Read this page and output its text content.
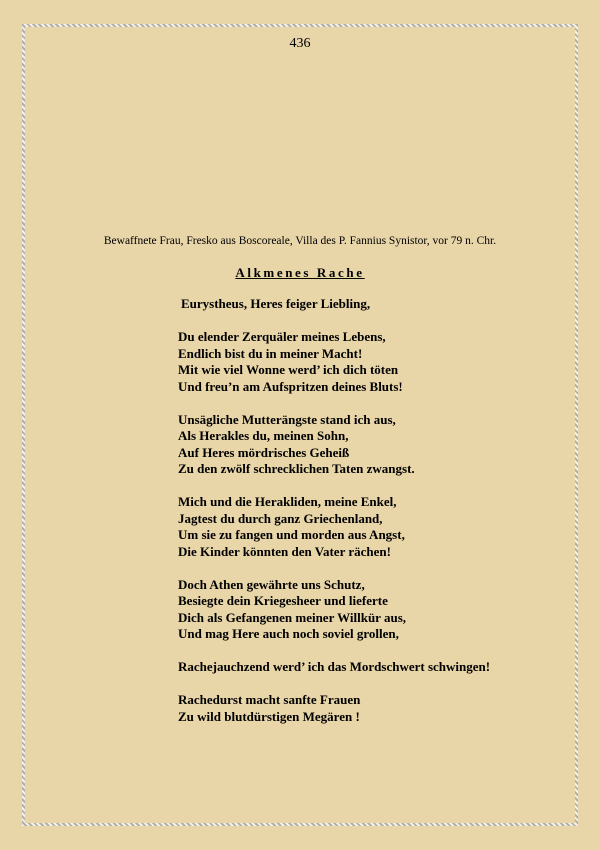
436
Bewaffnete Frau, Fresko aus Boscoreale, Villa des P. Fannius Synistor, vor 79 n. Chr.
Alkmenes Rache
Eurystheus, Heres feiger Liebling,
Du elender Zerquäler meines Lebens,
Endlich bist du in meiner Macht!
Mit wie viel Wonne werd’ ich dich töten
Und freu’n am Aufspritzen deines Bluts!
Unsägliche Mutterängste stand ich aus,
Als Herakles du, meinen Sohn,
Auf Heres mördrisches Geheiß
Zu den zwölf schrecklichen Taten zwangst.
Mich und die Herakliden, meine Enkel,
Jagtest du durch ganz Griechenland,
Um sie zu fangen und morden aus Angst,
Die Kinder könnten den Vater rächen!
Doch Athen gewährte uns Schutz,
Besiegte dein Kriegesheer und lieferte
Dich als Gefangenen meiner Willkür aus,
Und mag Here auch noch soviel grollen,
Rachejauchzend werd’ ich das Mordschwert schwingen!
Rachedurst macht sanfte Frauen
Zu wild blutdürstigen Megären !
